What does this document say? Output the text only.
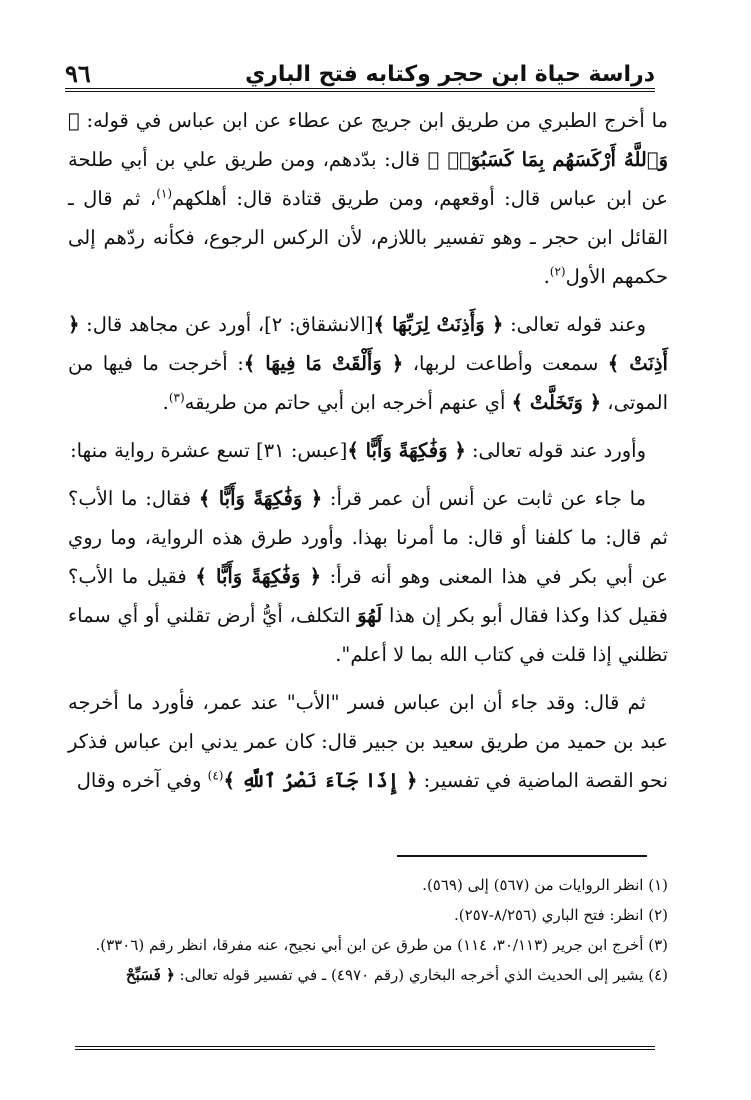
دراسة حياة ابن حجر وكتابه فتح الباري
٩٦

ما أخرج الطبري من طريق ابن جريج عن عطاء عن ابن عباس في قوله: ﴿ وَٱللَّهُ أَرْكَسَهُم بِمَا كَسَبُوٓا۟ ﴾ قال: بدّدهم، ومن طريق علي بن أبي طلحة عن ابن عباس قال: أوقعهم، ومن طريق قتادة قال: أهلكهم$^{(١)}$، ثم قال ـ القائل ابن حجر ـ وهو تفسير باللازم، لأن الركس الرجوع، فكأنه ردّهم إلى حكمهم الأول$^{(٢)}$.

وعند قوله تعالى: ﴿ وَأَذِنَتْ لِرَبِّهَا ﴾[الانشقاق: ٢]، أورد عن مجاهد قال: ﴿ أَذِنَتْ ﴾ سمعت وأطاعت لربها، ﴿ وَأَلْقَتْ مَا فِيهَا ﴾: أخرجت ما فيها من الموتى، ﴿ وَتَخَلَّتْ ﴾ أي عنهم أخرجه ابن أبي حاتم من طريقه$^{(٣)}$.

وأورد عند قوله تعالى: ﴿ وَفَٰكِهَةً وَأَبًّا ﴾[عبس: ٣١] تسع عشرة رواية منها:

ما جاء عن ثابت عن أنس أن عمر قرأ: ﴿ وَفَٰكِهَةً وَأَبًّا ﴾ فقال: ما الأب؟ ثم قال: ما كلفنا أو قال: ما أمرنا بهذا. وأورد طرق هذه الرواية، وما روي عن أبي بكر في هذا المعنى وهو أنه قرأ: ﴿ وَفَٰكِهَةً وَأَبًّا ﴾ فقيل ما الأب؟ فقيل كذا وكذا فقال أبو بكر إن هذا لَهُوَ التكلف، أيُّ أرض تقلني أو أي سماء تظلني إذا قلت في كتاب الله بما لا أعلم".

ثم قال: وقد جاء أن ابن عباس فسر "الأب" عند عمر، فأورد ما أخرجه عبد بن حميد من طريق سعيد بن جبير قال: كان عمر يدني ابن عباس فذكر نحو القصة الماضية في تفسير: ﴿ إِذَا جَآءَ نَصْرُ ٱللَّهِ ﴾$^{(٤)}$ وفي آخره وقال

(١) انظر الروايات من (٥٦٧) إلى (٥٦٩).

(٢) انظر: فتح الباري (٨/٢٥٦-٢٥٧).

(٣) أخرج ابن جرير (٣٠/١١٣، ١١٤) من طرق عن ابن أبي نجيح، عنه مفرقا، انظر رقم (٣٣٠٦).

(٤) يشير إلى الحديث الذي أخرجه البخاري (رقم ٤٩٧٠) ـ في تفسير قوله تعالى: ﴿ فَسَبِّحْ
